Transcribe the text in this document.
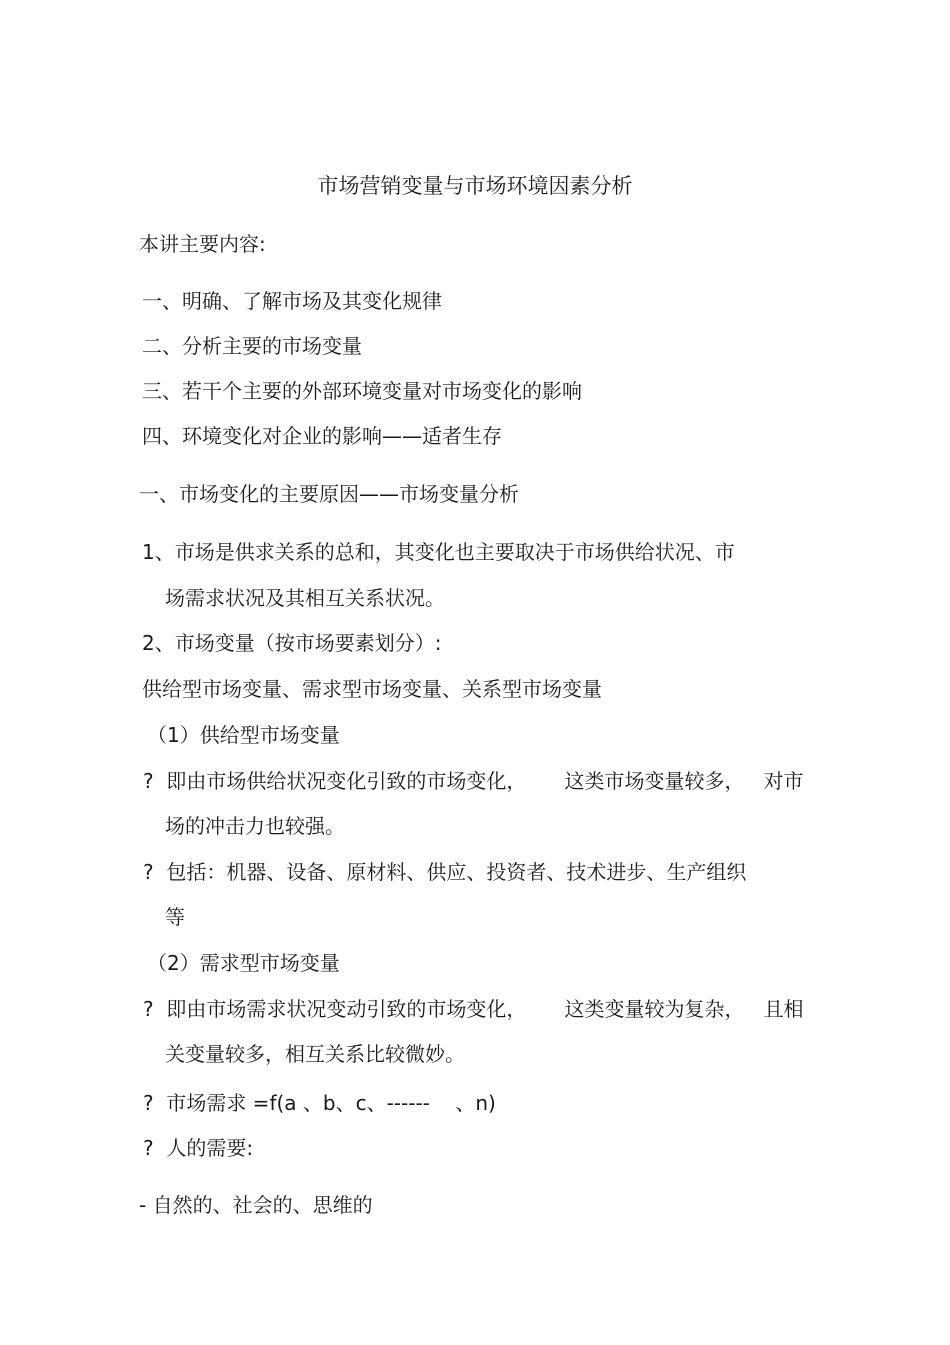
市场营销变量与市场环境因素分析
本讲主要内容:
一、明确、了解市场及其变化规律
二、分析主要的市场变量
三、若干个主要的外部环境变量对市场变化的影响
四、环境变化对企业的影响——适者生存
一、市场变化的主要原因——市场变量分析
1、市场是供求关系的总和，其变化也主要取决于市场供给状况、市
场需求状况及其相互关系状况。
2、市场变量（按市场要素划分）:
供给型市场变量、需求型市场变量、关系型市场变量
（1）供给型市场变量
?  即由市场供给状况变化引致的市场变化，      这类市场变量较多，   对市
场的冲击力也较强。
?  包括：机器、设备、原材料、供应、投资者、技术进步、生产组织
等
（2）需求型市场变量
?  即由市场需求状况变动引致的市场变化，      这类变量较为复杂，   且相
关变量较多，相互关系比较微妙。
?  市场需求 =f(a 、b、c、------    、n)
?  人的需要:
- 自然的、社会的、思维的
